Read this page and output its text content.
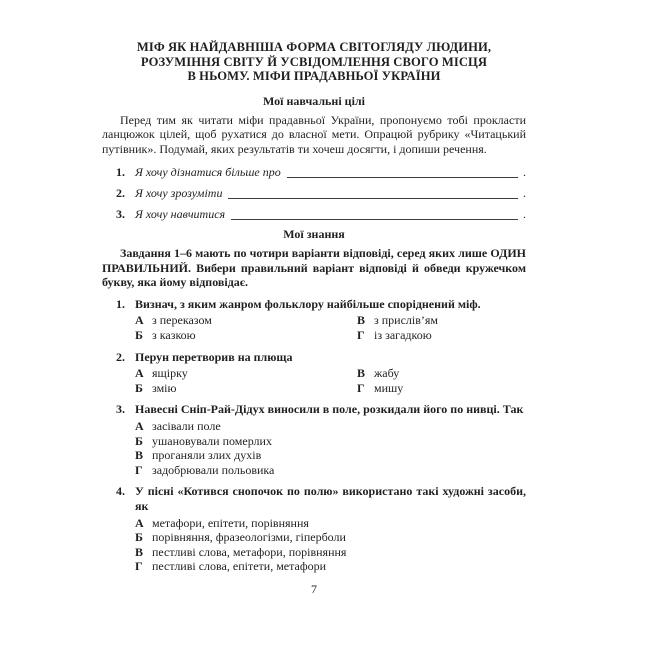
МІФ ЯК НАЙДАВНІША ФОРМА СВІТОГЛЯДУ ЛЮДИНИ,
РОЗУМІННЯ СВІТУ Й УСВІДОМЛЕННЯ СВОГО МІСЦЯ
В НЬОМУ. МІФИ ПРАДАВНЬОЇ УКРАЇНИ
Мої навчальні цілі
Перед тим як читати міфи прадавньої України, пропонуємо тобі прокласти ланцюжок цілей, щоб рухатися до власної мети. Опрацюй рубрику «Читацький путівник». Подумай, яких результатів ти хочеш досягти, і допиши речення.
1. Я хочу дізнатися більше про	.
2. Я хочу зрозуміти	.
3. Я хочу навчитися	.
Мої знання
Завдання 1–6 мають по чотири варіанти відповіді, серед яких лише ОДИН ПРАВИЛЬНИЙ. Вибери правильний варіант відповіді й обведи кружечком букву, яка йому відповідає.
1. Визнач, з яким жанром фольклору найбільше споріднений міф.
А з переказом	В з прислів’ям
Б з казкою	Г із загадкою
2. Перун перетворив на плюща
А ящірку	В жабу
Б змію	Г мишу
3. Навесні Сніп-Рай-Дідух виносили в поле, розкидали його по нивці. Так
А засівали поле
Б ушановували померлих
В проганяли злих духів
Г задобрювали польовика
4. У пісні «Котився снопочок по полю» використано такі художні засоби, як
А метафори, епітети, порівняння
Б порівняння, фразеологізми, гіперболи
В пестливі слова, метафори, порівняння
Г пестливі слова, епітети, метафори
7
